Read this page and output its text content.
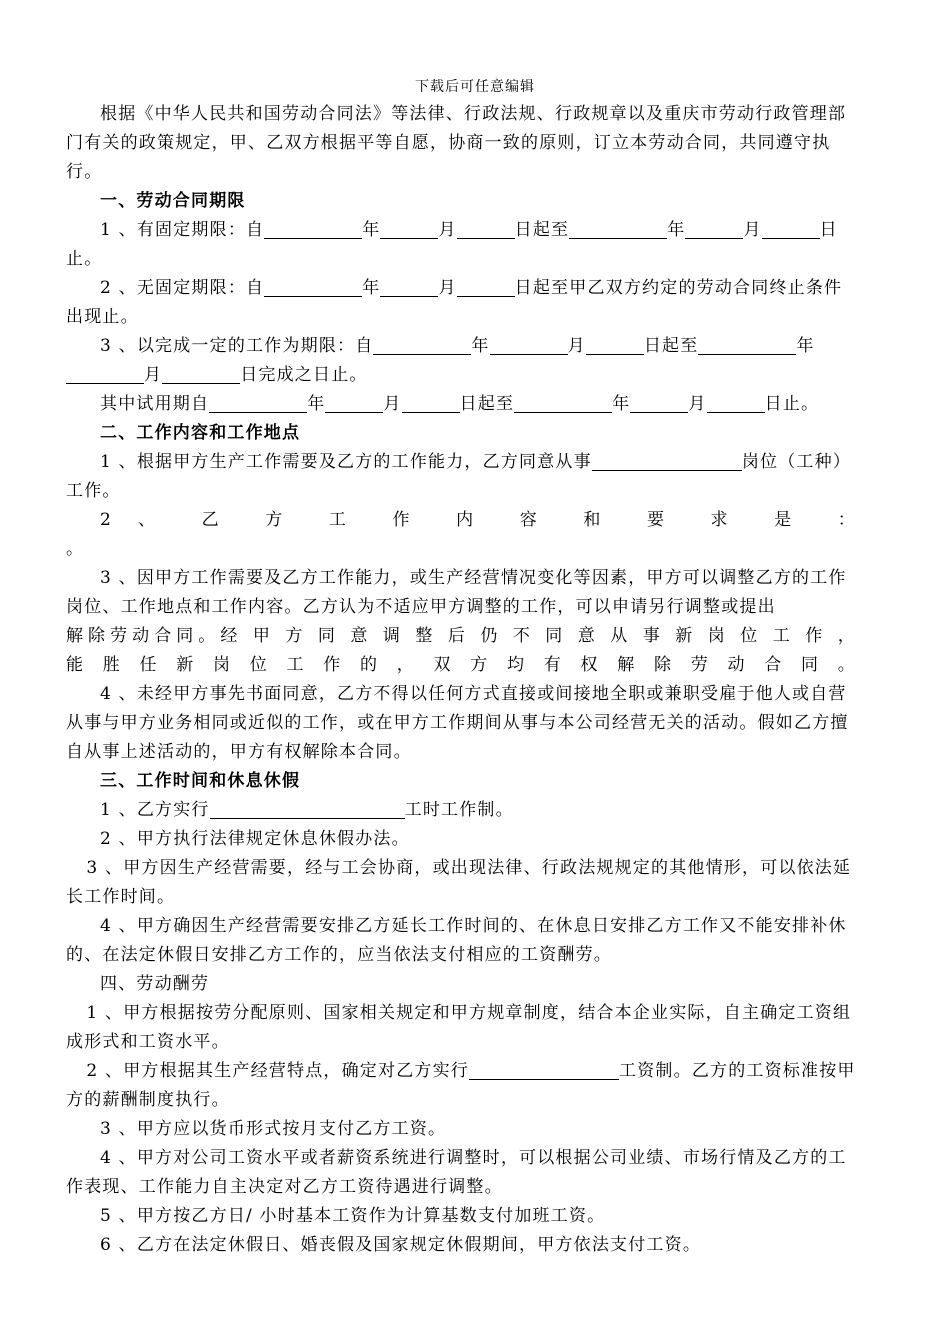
下载后可任意编辑

根据《中华人民共和国劳动合同法》等法律、行政法规、行政规章以及重庆市劳动行政管理部门有关的政策规定，甲、乙双方根据平等自愿，协商一致的原则，订立本劳动合同，共同遵守执行。

一、劳动合同期限

1 、有固定期限：自	年	月	日起至	年	月	日止。

2 、无固定期限：自	年	月	日起至甲乙双方约定的劳动合同终止条件出现止。

3 、以完成一定的工作为期限：自	年	月	日起至	年月	日完成之日止。

其中试用期自	年	月	日起至	年	月	日止。

二、工作内容和工作地点

1 、根据甲方生产工作需要及乙方的工作能力，乙方同意从事	岗位（工种）工作。

2 、 乙 方 工 作 内 容 和 要 求 是 ：

。

3 、因甲方工作需要及乙方工作能力，或生产经营情况变化等因素，甲方可以调整乙方的工作岗位、工作地点和工作内容。乙方认为不适应甲方调整的工作，可以申请另行调整或提出

解除劳动合同。经 甲 方 同 意 调 整 后 仍 不 同 意 从 事 新 岗 位 工 作 ，
能 胜 任 新 岗 位 工 作 的 ， 双 方 均 有 权 解 除 劳 动 合 同 。

4 、未经甲方事先书面同意，乙方不得以任何方式直接或间接地全职或兼职受雇于他人或自营从事与甲方业务相同或近似的工作，或在甲方工作期间从事与本公司经营无关的活动。假如乙方擅自从事上述活动的，甲方有权解除本合同。

三、工作时间和休息休假

1 、乙方实行	工时工作制。

2 、甲方执行法律规定休息休假办法。

3 、甲方因生产经营需要，经与工会协商，或出现法律、行政法规规定的其他情形，可以依法延长工作时间。

4 、甲方确因生产经营需要安排乙方延长工作时间的、在休息日安排乙方工作又不能安排补休的、在法定休假日安排乙方工作的，应当依法支付相应的工资酬劳。

四、劳动酬劳

1 、甲方根据按劳分配原则、国家相关规定和甲方规章制度，结合本企业实际，自主确定工资组成形式和工资水平。

2 、甲方根据其生产经营特点，确定对乙方实行	工资制。乙方的工资标准按甲方的薪酬制度执行。

3 、甲方应以货币形式按月支付乙方工资。

4 、甲方对公司工资水平或者薪资系统进行调整时，可以根据公司业绩、市场行情及乙方的工作表现、工作能力自主决定对乙方工资待遇进行调整。

5 、甲方按乙方日/ 小时基本工资作为计算基数支付加班工资。

6 、乙方在法定休假日、婚丧假及国家规定休假期间，甲方依法支付工资。
